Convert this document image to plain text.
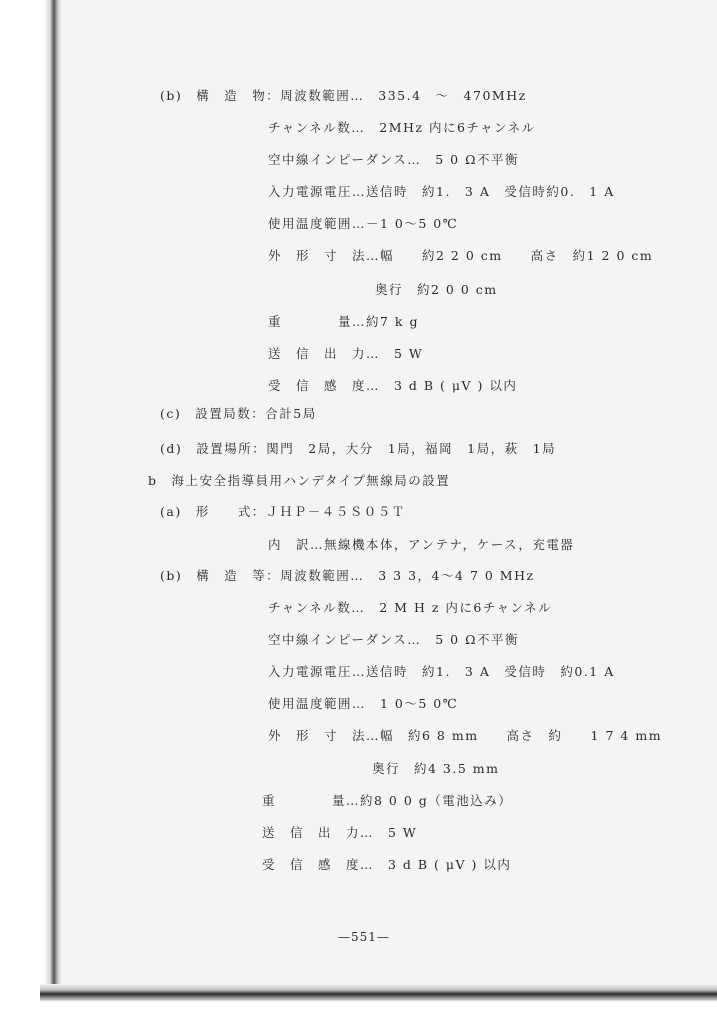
(b)　構　造　物：周波数範囲…　335.4　〜　470MHz
チャンネル数…　2MHz 内に6チャンネル
空中線インピーダンス…　5 0 Ω不平衡
入力電源電圧…送信時　約1.　3 A　受信時約0.　1 A
使用温度範囲…－1 0〜5 0℃
外　形　寸　法…幅　　約2 2 0 cm　　高さ　約1 2 0 cm
奥行　約2 0 0 cm
重　　　　量…約7 k g
送　信　出　力…　5 W
受　信　感　度…　3 d B ( μV ) 以内
(c)　設置局数：合計5局
(d)　設置場所：関門　2局，大分　1局，福岡　1局，萩　1局
b　海上安全指導員用ハンデタイプ無線局の設置
(a)　形　　式：ＪＨＰ－４５Ｓ０５Ｔ
内　訳…無線機本体，アンテナ，ケース，充電器
(b)　構　造　等：周波数範囲…　3 3 3，4〜4 7 0 MHz
チャンネル数…　2 M H z 内に6チャンネル
空中線インピーダンス…　5 0 Ω不平衡
入力電源電圧…送信時　約1.　3 A　受信時　約0.1 A
使用温度範囲…　1 0〜5 0℃
外　形　寸　法…幅　約6 8 mm　　高さ　約　　1 7 4 mm
奥行　約4 3.5 mm
重　　　　量…約8 0 0 g（電池込み）
送　信　出　力…　5 W
受　信　感　度…　3 d B ( μV ) 以内
—551—
